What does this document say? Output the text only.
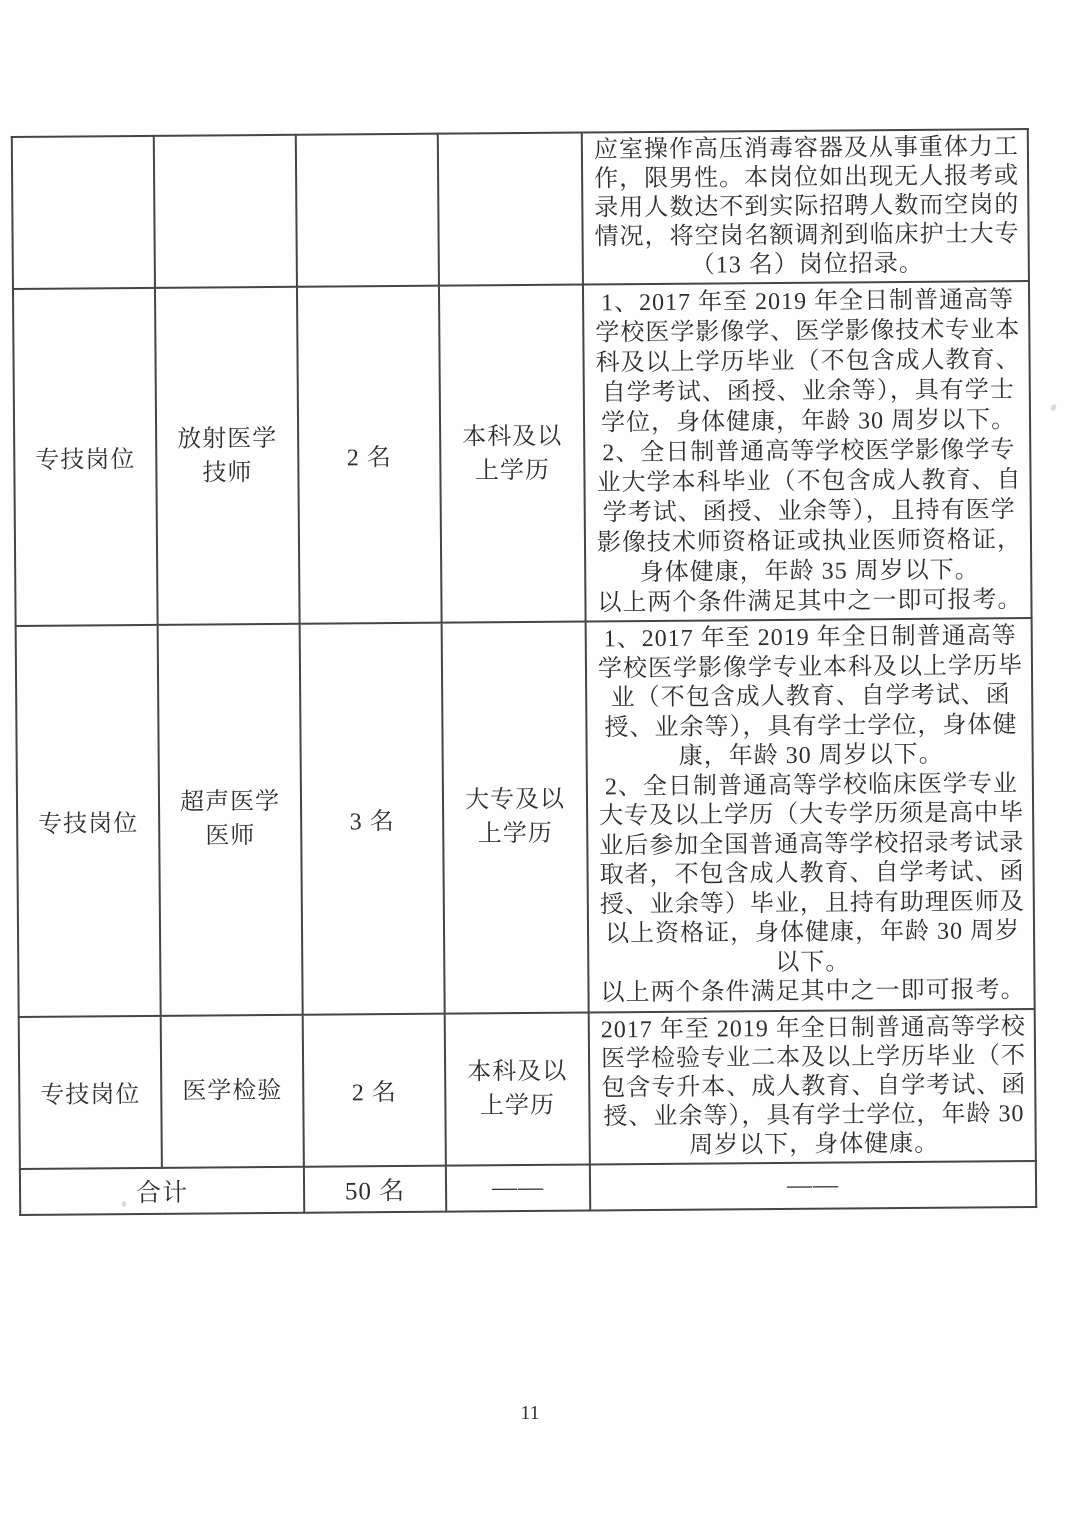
				应室操作高压消毒容器及从事重体力工作，限男性。本岗位如出现无人报考或录用人数达不到实际招聘人数而空岗的情况，将空岗名额调剂到临床护士大专（13 名）岗位招录。

专技岗位	放射医学技师	2 名	本科及以上学历	1、2017 年至 2019 年全日制普通高等学校医学影像学、医学影像技术专业本科及以上学历毕业（不包含成人教育、自学考试、函授、业余等），具有学士学位，身体健康，年龄 30 周岁以下。

2、全日制普通高等学校医学影像学专业大学本科毕业（不包含成人教育、自学考试、函授、业余等），且持有医学影像技术师资格证或执业医师资格证，身体健康，年龄 35 周岁以下。

以上两个条件满足其中之一即可报考。

专技岗位	超声医学医师	3 名	大专及以上学历	1、2017 年至 2019 年全日制普通高等学校医学影像学专业本科及以上学历毕业（不包含成人教育、自学考试、函授、业余等），具有学士学位，身体健康，年龄 30 周岁以下。

2、全日制普通高等学校临床医学专业大专及以上学历（大专学历须是高中毕业后参加全国普通高等学校招录考试录取者，不包含成人教育、自学考试、函授、业余等）毕业，且持有助理医师及以上资格证，身体健康，年龄 30 周岁以下。

以上两个条件满足其中之一即可报考。

专技岗位	医学检验	2 名	本科及以上学历	2017 年至 2019 年全日制普通高等学校医学检验专业二本及以上学历毕业（不包含专升本、成人教育、自学考试、函授、业余等），具有学士学位，年龄 30 周岁以下，身体健康。

合计		50 名	——	——
11
